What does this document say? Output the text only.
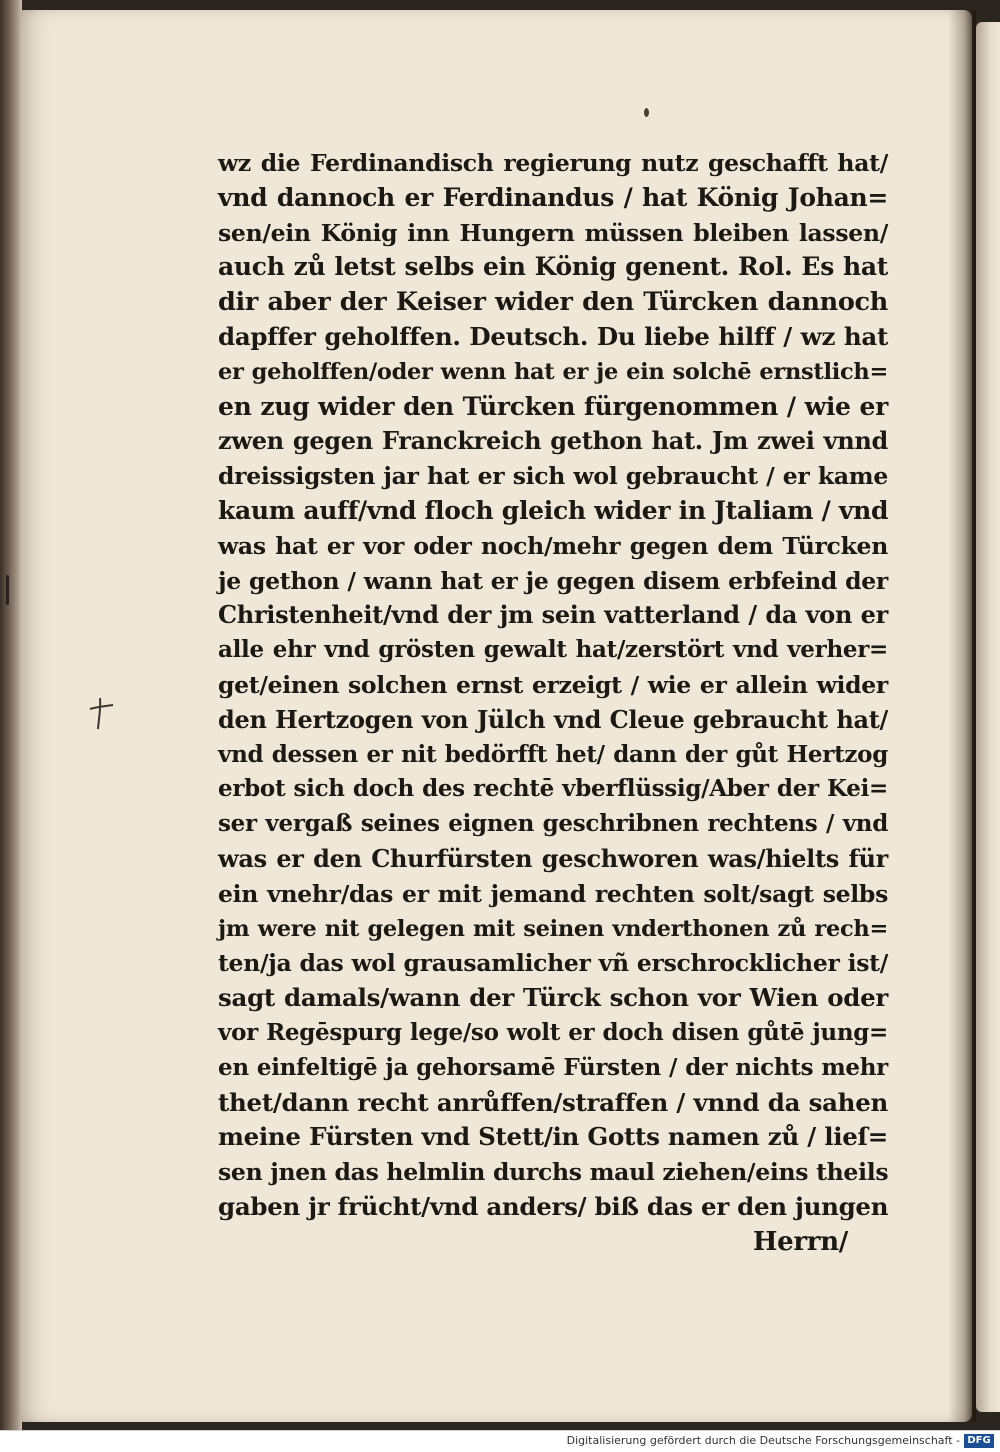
wz die Ferdinandisch regierung nutz geschafft hat/
vnd dannoch er Ferdinandus / hat König Johan=
sen/ein König inn Hungern müssen bleiben lassen/
auch zů letst selbs ein König genent. Rol. Es hat
dir aber der Keiser wider den Türcken dannoch
dapffer geholffen. Deutsch. Du liebe hilff / wz hat
er geholffen/oder wenn hat er je ein solchē ernstlich=
en zug wider den Türcken fürgenommen / wie er
zwen gegen Franckreich gethon hat. Jm zwei vnnd
dreissigsten jar hat er sich wol gebraucht / er kame
kaum auff/vnd floch gleich wider in Jtaliam / vnd
was hat er vor oder noch/mehr gegen dem Türcken
je gethon / wann hat er je gegen disem erbfeind der
Christenheit/vnd der jm sein vatterland / da von er
alle ehr vnd grösten gewalt hat/zerstört vnd verher=
get/einen solchen ernst erzeigt / wie er allein wider
den Hertzogen von Jülch vnd Cleue gebraucht hat/
vnd dessen er nit bedörfft het/ dann der gůt Hertzog
erbot sich doch des rechtē vberflüssig/Aber der Kei=
ser vergaß seines eignen geschribnen rechtens / vnd
was er den Churfürsten geschworen was/hielts für
ein vnehr/das er mit jemand rechten solt/sagt selbs
jm were nit gelegen mit seinen vnderthonen zů rech=
ten/ja das wol grausamlicher vñ erschrocklicher ist/
sagt damals/wann der Türck schon vor Wien oder
vor Regēspurg lege/so wolt er doch disen gůtē jung=
en einfeltigē ja gehorsamē Fürsten / der nichts mehr
thet/dann recht anrůffen/straffen / vnnd da sahen
meine Fürsten vnd Stett/in Gotts namen zů / lieſ=
sen jnen das helmlin durchs maul ziehen/eins theils
gaben jr frücht/vnd anders/ biß das er den jungen
Herrn/
Digitalisierung gefördert durch die Deutsche Forschungsgemeinschaft - DFG
